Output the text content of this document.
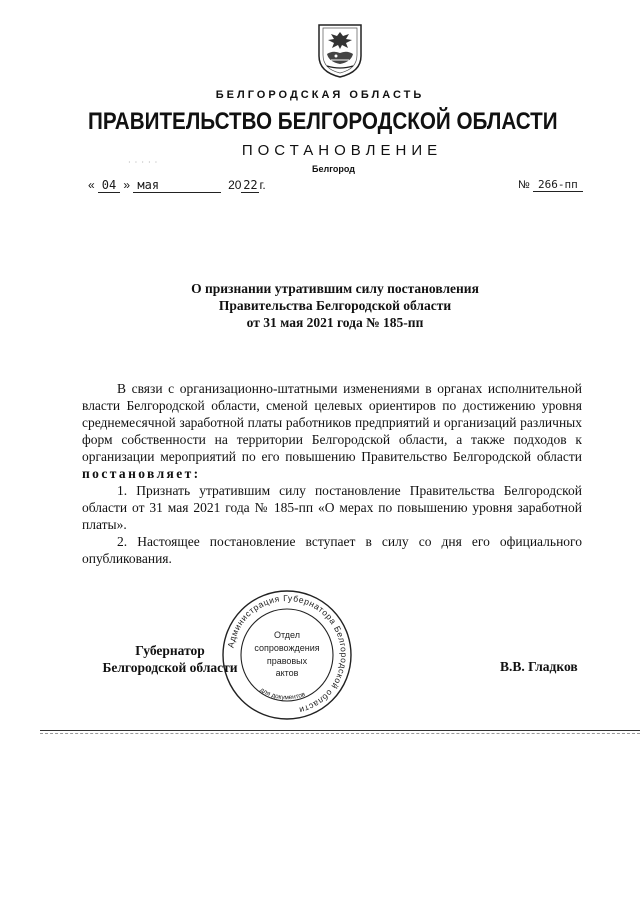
БЕЛГОРОДСКАЯ ОБЛАСТЬ
ПРАВИТЕЛЬСТВО БЕЛГОРОДСКОЙ ОБЛАСТИ
ПОСТАНОВЛЕНИЕ
Белгород
· · · · ·
« 04 » мая	20 22 г.	№ 266-пп
О признании утратившим силу постановления
Правительства Белгородской области
от 31 мая 2021 года № 185-пп

В связи с организационно-штатными изменениями в органах исполнительной власти Белгородской области, сменой целевых ориентиров по достижению уровня среднемесячной заработной платы работников предприятий и организаций различных форм собственности на территории Белгородской области, а также подходов к организации мероприятий по его повышению Правительство Белгородской области постановляет:

1. Признать утратившим силу постановление Правительства Белгородской области от 31 мая 2021 года № 185-пп «О мерах по повышению уровня заработной платы».

2. Настоящее постановление вступает в силу со дня его официального опубликования.

Администрация Губернатора Белгородской области
для документов
Отдел
сопровождения
правовых
актов
Губернатор
Белгородской области	В.В. Гладков
